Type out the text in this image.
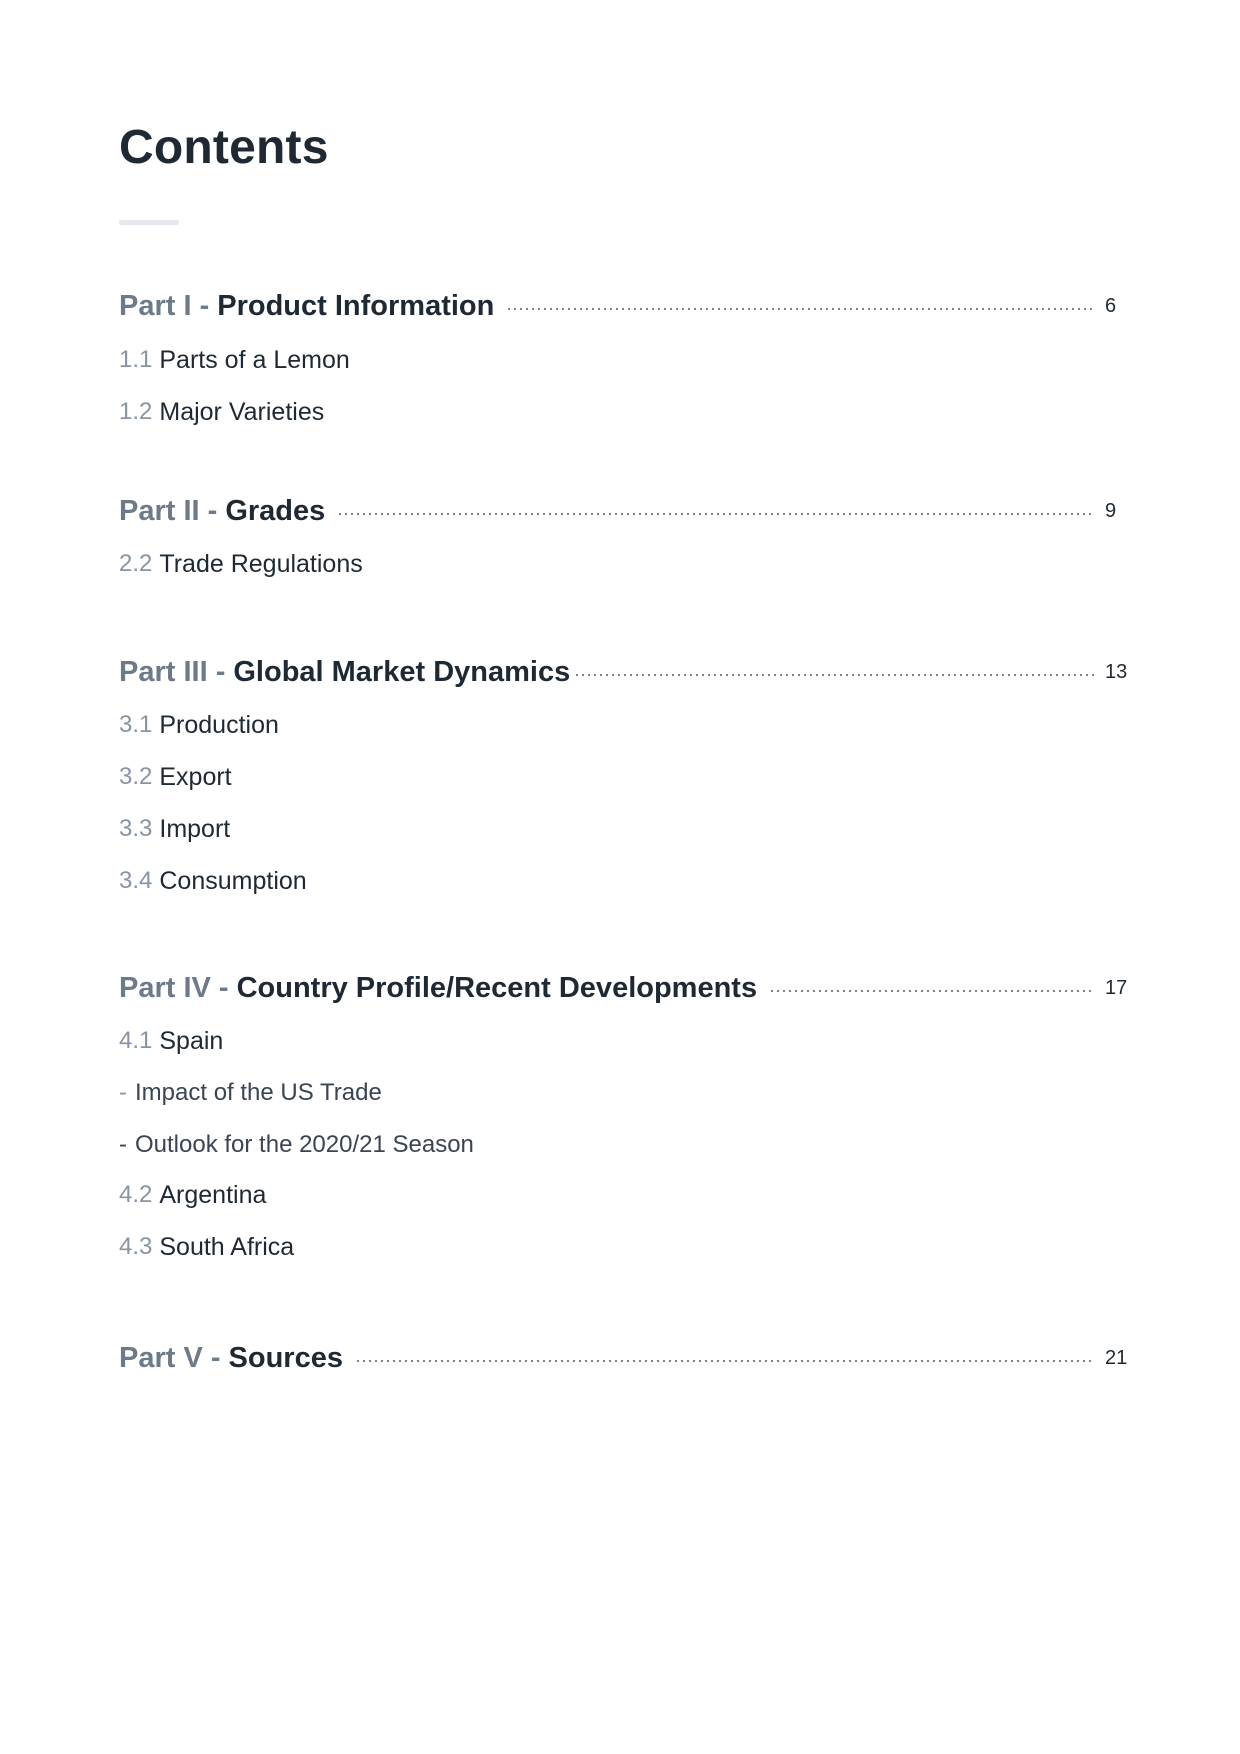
Contents
Part I - Product Information	6
1.1 Parts of a Lemon
1.2 Major Varieties
Part II - Grades	9
2.2 Trade Regulations
Part III - Global Market Dynamics	13
3.1 Production
3.2 Export
3.3 Import
3.4 Consumption
Part IV - Country Profile/Recent Developments	17
4.1 Spain
- Impact of the US Trade
- Outlook for the 2020/21 Season
4.2 Argentina
4.3 South Africa
Part V - Sources	21
